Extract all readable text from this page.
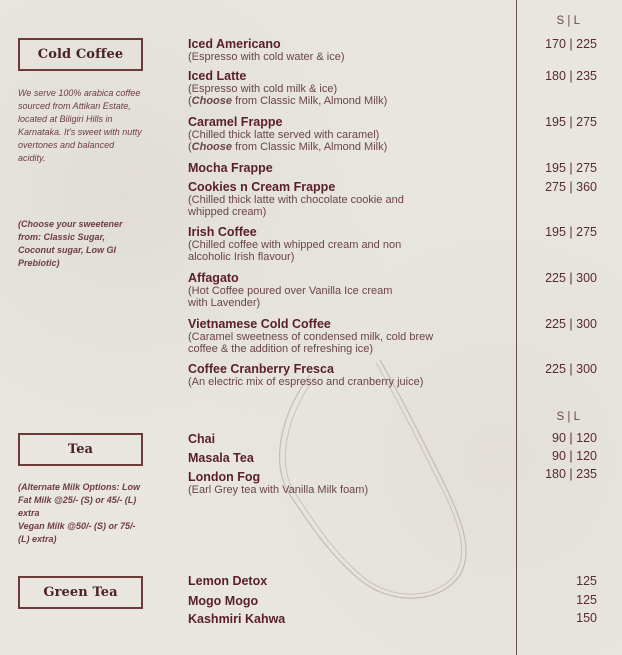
Cold Coffee
We serve 100% arabica coffee sourced from Attikan Estate, located at Biligiri Hills in Karnataka. It's sweet with nutty overtones and balanced acidity.
(Choose your sweetener from: Classic Sugar, Coconut sugar, Low GI Prebiotic)
S | L
Iced Americano
(Espresso with cold water & ice)
170 | 225
Iced Latte
(Espresso with cold milk & ice)
(Choose from Classic Milk, Almond Milk)
180 | 235
Caramel Frappe
(Chilled thick latte served with caramel)
(Choose from Classic Milk, Almond Milk)
195 | 275
Mocha Frappe	195 | 275
Cookies n Cream Frappe
(Chilled thick latte with chocolate cookie and
whipped cream)
275 | 360
Irish Coffee
(Chilled coffee with whipped cream and non
alcoholic Irish flavour)
195 | 275
Affagato
(Hot Coffee poured over Vanilla Ice cream
with Lavender)
225 | 300
Vietnamese Cold Coffee
(Caramel sweetness of condensed milk, cold brew
coffee & the addition of refreshing ice)
225 | 300
Coffee Cranberry Fresca
(An electric mix of espresso and cranberry juice)
225 | 300
Tea
(Alternate Milk Options: Low Fat Milk @25/- (S) or 45/- (L) extra
Vegan Milk @50/- (S) or 75/- (L) extra)
S | L
Chai	90 | 120
Masala Tea	90 | 120
London Fog
(Earl Grey tea with Vanilla Milk foam)
180 | 235
Green Tea
Lemon Detox	125
Mogo Mogo	125
Kashmiri Kahwa	150
